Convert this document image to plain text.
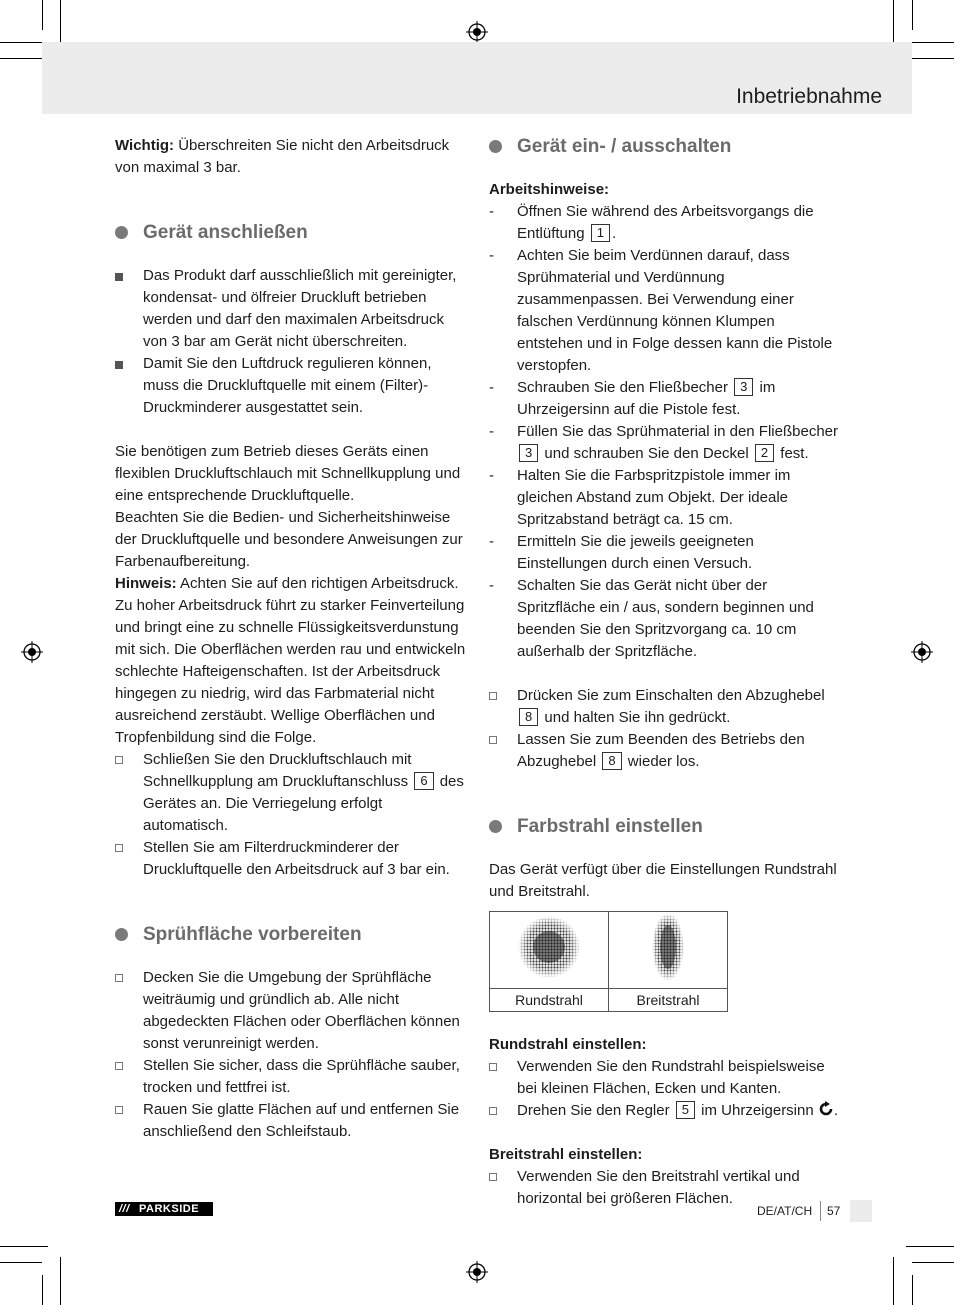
Inbetriebnahme

Wichtig: Überschreiten Sie nicht den Arbeitsdruck von maximal 3 bar.

Gerät anschließen
Das Produkt darf ausschließlich mit gereinigter, kondensat- und ölfreier Druckluft betrieben werden und darf den maximalen Arbeitsdruck von 3 bar am Gerät nicht überschreiten.
Damit Sie den Luftdruck regulieren können, muss die Druckluftquelle mit einem (Filter)-Druckminderer ausgestattet sein.

Sie benötigen zum Betrieb dieses Geräts einen flexiblen Druckluftschlauch mit Schnellkupplung und eine entsprechende Druckluftquelle.

Beachten Sie die Bedien- und Sicherheitshinweise der Druckluftquelle und besondere Anweisungen zur Farbenaufbereitung.

Hinweis: Achten Sie auf den richtigen Arbeitsdruck. Zu hoher Arbeitsdruck führt zu starker Feinverteilung und bringt eine zu schnelle Flüssigkeitsverdunstung mit sich. Die Oberflächen werden rau und entwickeln schlechte Hafteigenschaften. Ist der Arbeitsdruck hingegen zu niedrig, wird das Farbmaterial nicht ausreichend zerstäubt. Wellige Oberflächen und Tropfenbildung sind die Folge.

Schließen Sie den Druckluftschlauch mit Schnellkupplung am Druckluftanschluss 6 des Gerätes an. Die Verriegelung erfolgt automatisch.
Stellen Sie am Filterdruckminderer der Druckluftquelle den Arbeitsdruck auf 3 bar ein.
Sprühfläche vorbereiten
Decken Sie die Umgebung der Sprühfläche weiträumig und gründlich ab. Alle nicht abgedeckten Flächen oder Oberflächen können sonst verunreinigt werden.
Stellen Sie sicher, dass die Sprühfläche sauber, trocken und fettfrei ist.
Rauen Sie glatte Flächen auf und entfernen Sie anschließend den Schleifstaub.
Gerät ein- / ausschalten

Arbeitshinweise:

-	Öffnen Sie während des Arbeitsvorgangs die Entlüftung 1 .
-	Achten Sie beim Verdünnen darauf, dass Sprühmaterial und Verdünnung zusammenpassen. Bei Verwendung einer falschen Verdünnung können Klumpen entstehen und in Folge dessen kann die Pistole verstopfen.
-	Schrauben Sie den Fließbecher 3 im Uhrzeigersinn auf die Pistole fest.
-	Füllen Sie das Sprühmaterial in den Fließbecher 3 und schrauben Sie den Deckel 2 fest.
-	Halten Sie die Farbspritzpistole immer im gleichen Abstand zum Objekt. Der ideale Spritzabstand beträgt ca. 15 cm.
-	Ermitteln Sie die jeweils geeigneten Einstellungen durch einen Versuch.
-	Schalten Sie das Gerät nicht über der Spritzfläche ein / aus, sondern beginnen und beenden Sie den Spritzvorgang ca. 10 cm außerhalb der Spritzfläche.
Drücken Sie zum Einschalten den Abzughebel 8 und halten Sie ihn gedrückt.
Lassen Sie zum Beenden des Betriebs den Abzughebel 8 wieder los.
Farbstrahl einstellen

Das Gerät verfügt über die Einstellungen Rundstrahl und Breitstrahl.

Rundstrahl	Breitstrahl

Rundstrahl einstellen:

Verwenden Sie den Rundstrahl beispielsweise bei kleinen Flächen, Ecken und Kanten.
Drehen Sie den Regler 5 im Uhrzeigersinn .

Breitstrahl einstellen:

Verwenden Sie den Breitstrahl vertikal und horizontal bei größeren Flächen.
/// PARKSIDE	DE/AT/CH 57
